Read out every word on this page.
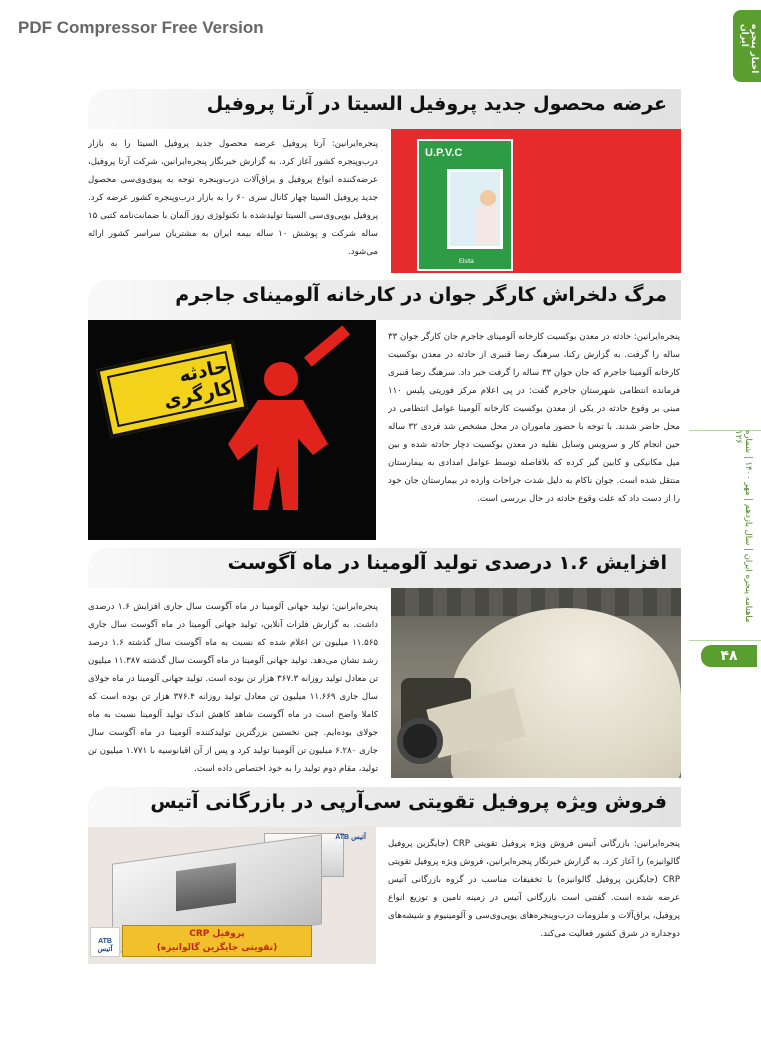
PDF Compressor Free Version	اخبار پنجره ایران
ماهنامه پنجره ایران | سال یازدهم | مهر ۱۴۰۰ | شماره ۱۲۶
۴۸
عرضه محصول جدید پروفیل السیتا در آرتا پروفیل
پنجره‌ایرانین: آرتا پروفیل عرضه محصول جدید پروفیل السیتا را به بازار درب‌وپنجره کشور آغاز کرد. به گزارش خبرنگار پنجره‌ایرانین، شرکت آرتا پروفیل، عرضه‌کننده انواع پروفیل و یراق‌آلات درب‌وپنجره توجه به پیوی‌وی‌سی محصول جدید پروفیل السیتا چهار کانال سری ۶۰ را به بازار درب‌وپنجره کشور عرضه کرد. پروفیل یوپی‌وی‌سی السیتا تولیدشده با تکنولوژی روز آلمان با ضمانت‌نامه کتبی ۱۵ ساله شرکت و پوشش ۱۰ ساله بیمه ایران به مشتریان سراسر کشور ارائه می‌شود.
U.P.V.C
Elsita
مرگ دلخراش کارگر جوان در کارخانه آلومینای جاجرم
حادثه کارگری
پنجره‌ایرانین: حادثه در معدن بوکسیت کارخانه آلومینای جاجرم جان کارگر جوان ۳۳ ساله را گرفت. به گزارش رکنا، سرهنگ رضا قنبری از حادثه در معدن بوکسیت کارخانه آلومینا جاجرم که جان جوان ۳۳ ساله را گرفت خبر داد. سرهنگ رضا قنبری فرمانده انتظامی شهرستان جاجرم گفت: در پی اعلام مرکز فوریتی پلیس ۱۱۰ مبنی بر وقوع حادثه در یکی از معدن بوکسیت کارخانه آلومینا عوامل انتظامی در محل حاضر شدند. با توجه با حضور ماموران در محل مشخص شد فردی ۳۲ ساله حین انجام کار و سرویس وسایل نقلیه در معدن بوکسیت دچار حادثه شده و بین میل مکانیکی و کابین گیر کرده که بلافاصله توسط عوامل امدادی به بیمارستان منتقل شده است. جوان ناکام به دلیل شدت جراحات وارده در بیمارستان جان خود را از دست داد که علت وقوع حادثه در حال بررسی است.
افزایش ۱.۶ درصدی تولید آلومینا در ماه آگوست
پنجره‌ایرانین: تولید جهانی آلومینا در ماه آگوست سال جاری افزایش ۱.۶ درصدی داشت. به گزارش فلزات آنلاین، تولید جهانی آلومینا در ماه آگوست سال جاری ۱۱.۵۶۵ میلیون تن اعلام شده که نسبت به ماه آگوست سال گذشته ۱.۶ درصد رشد نشان می‌دهد. تولید جهانی آلومینا در ماه آگوست سال گذشته ۱۱.۳۸۷ میلیون تن معادل تولید روزانه ۳۶۷.۳ هزار تن بوده است. تولید جهانی آلومینا در ماه جولای سال جاری ۱۱.۶۶۹ میلیون تن معادل تولید روزانه ۳۷۶.۴ هزار تن بوده است که کاملا واضح است در ماه آگوست شاهد کاهش اندک تولید آلومینا نسبت به ماه جولای بوده‌ایم. چین نخستین بزرگترین تولیدکننده آلومینا در ماه آگوست سال جاری ۶.۲۸۰ میلیون تن آلومینا تولید کرد و پس از آن اقیانوسیه با ۱.۷۷۱ میلیون تن تولید، مقام دوم تولید را به خود اختصاص داده است.
فروش ویژه پروفیل تقویتی سی‌آرپی در بازرگانی آتیس
ATB آتیس
ATB آتیس
پروفیل CRP
(تقویتی جایگزین گالوانیزه)
پنجره‌ایرانین: بازرگانی آتیس فروش ویژه پروفیل تقویتی CRP (جایگزین پروفیل گالوانیزه) را آغاز کرد. به گزارش خبرنگار پنجره‌ایرانین، فروش ویژه پروفیل تقویتی CRP (جایگزین پروفیل گالوانیزه) با تخفیفات مناسب در گروه بازرگانی آتیس عرضه شده است. گفتنی است بازرگانی آتیس در زمینه تامین و توزیع انواع پروفیل، یراق‌آلات و ملزومات درب‌وپنجره‌های یوپی‌وی‌سی و آلومینیوم و شیشه‌های دوجداره در شرق کشور فعالیت می‌کند.
